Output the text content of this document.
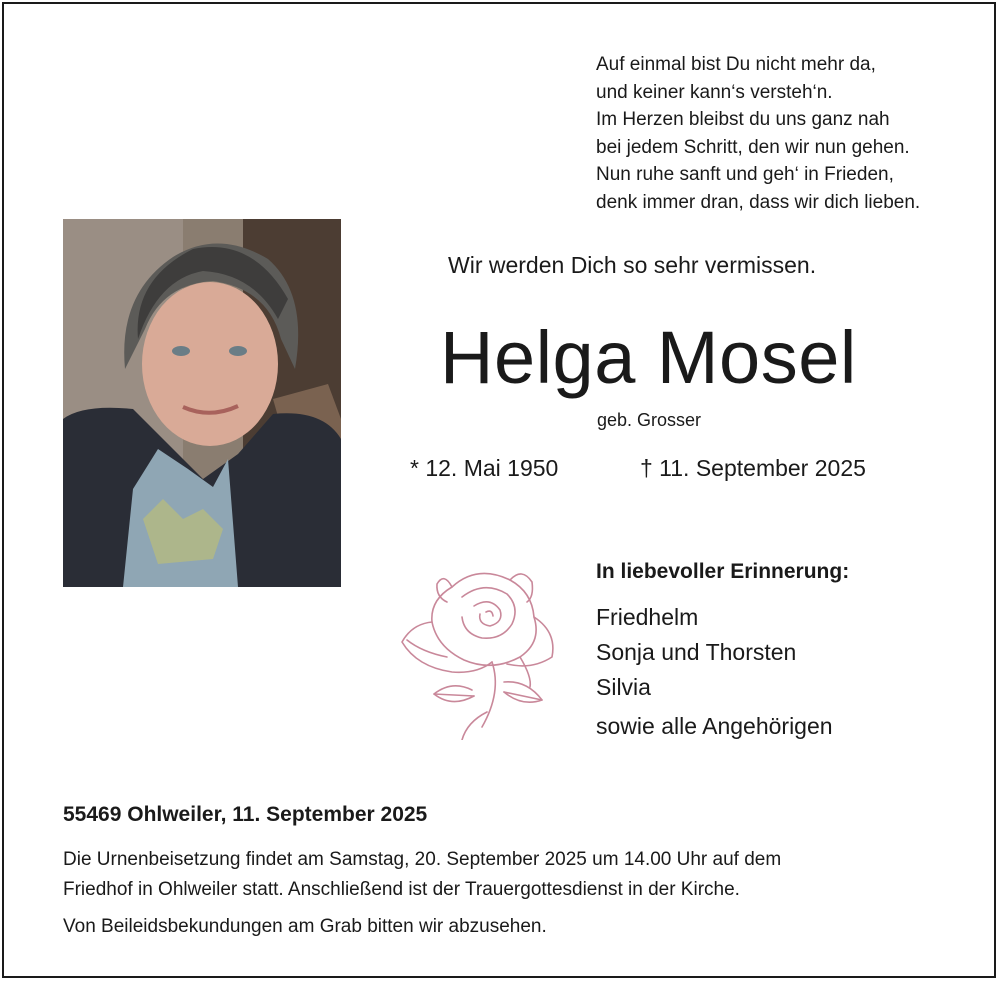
Auf einmal bist Du nicht mehr da,
und keiner kann‘s versteh‘n.
Im Herzen bleibst du uns ganz nah
bei jedem Schritt, den wir nun gehen.
Nun ruhe sanft und geh‘ in Frieden,
denk immer dran, dass wir dich lieben.
Wir werden Dich so sehr vermissen.
Helga Mosel
geb. Grosser
* 12. Mai 1950	† 11. September 2025
In liebevoller Erinnerung:
Friedhelm
Sonja und Thorsten
Silvia
sowie alle Angehörigen
55469 Ohlweiler, 11. September 2025
Die Urnenbeisetzung findet am Samstag, 20. September 2025 um 14.00 Uhr auf dem
Friedhof in Ohlweiler statt. Anschließend ist der Trauergottesdienst in der Kirche.
Von Beileidsbekundungen am Grab bitten wir abzusehen.
